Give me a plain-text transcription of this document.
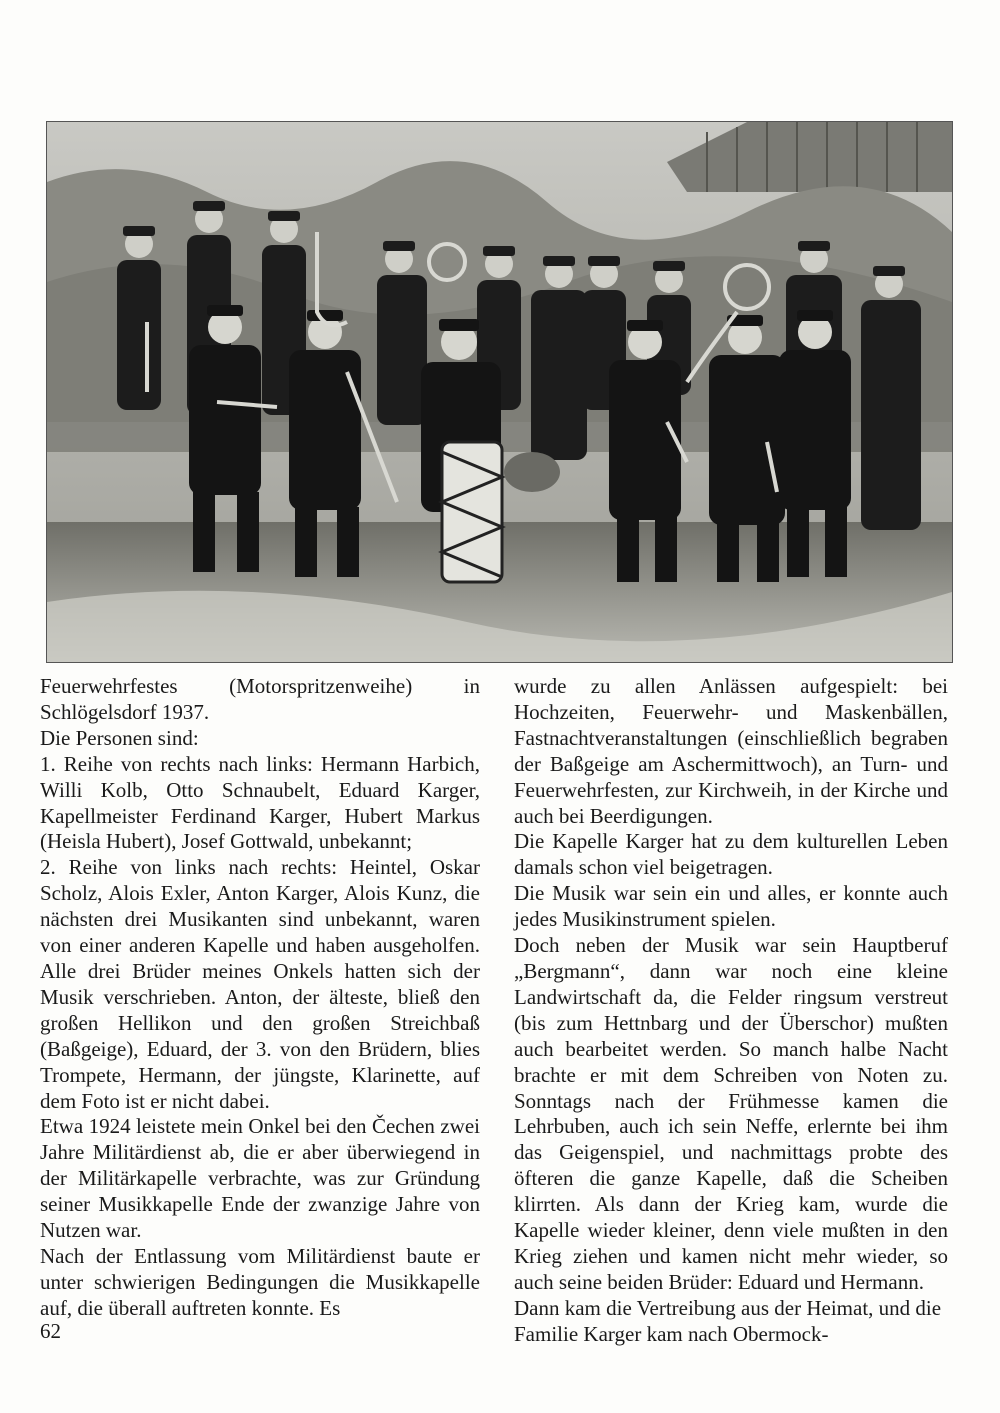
Feuerwehrfestes (Motorspritzenweihe) in Schlögelsdorf 1937.

Die Personen sind:

1. Reihe von rechts nach links: Hermann Harbich, Willi Kolb, Otto Schnaubelt, Eduard Karger, Kapellmeister Ferdinand Karger, Hubert Markus (Heisla Hubert), Josef Gottwald, unbekannt;

2. Reihe von links nach rechts: Heintel, Oskar Scholz, Alois Exler, Anton Karger, Alois Kunz, die nächsten drei Musikanten sind unbekannt, waren von einer anderen Kapelle und haben ausgeholfen. Alle drei Brüder meines Onkels hatten sich der Musik verschrieben. Anton, der älteste, bließ den großen Hellikon und den großen Streichbaß (Baßgeige), Eduard, der 3. von den Brüdern, blies Trompete, Hermann, der jüngste, Klarinette, auf dem Foto ist er nicht dabei.

Etwa 1924 leistete mein Onkel bei den Čechen zwei Jahre Militärdienst ab, die er aber überwiegend in der Militärkapelle verbrachte, was zur Gründung seiner Musikkapelle Ende der zwanzige Jahre von Nutzen war.

Nach der Entlassung vom Militärdienst baute er unter schwierigen Bedingungen die Musikkapelle auf, die überall auftreten konnte. Es

wurde zu allen Anlässen aufgespielt: bei Hochzeiten, Feuerwehr- und Maskenbällen, Fastnachtveranstaltungen (einschließlich begraben der Baßgeige am Aschermittwoch), an Turn- und Feuerwehrfesten, zur Kirchweih, in der Kirche und auch bei Beerdigungen.

Die Kapelle Karger hat zu dem kulturellen Leben damals schon viel beigetragen.

Die Musik war sein ein und alles, er konnte auch jedes Musikinstrument spielen.

Doch neben der Musik war sein Hauptberuf „Bergmann“, dann war noch eine kleine Landwirtschaft da, die Felder ringsum verstreut (bis zum Hettnbarg und der Überschor) mußten auch bearbeitet werden. So manch halbe Nacht brachte er mit dem Schreiben von Noten zu. Sonntags nach der Frühmesse kamen die Lehrbuben, auch ich sein Neffe, erlernte bei ihm das Geigenspiel, und nachmittags probte des öfteren die ganze Kapelle, daß die Scheiben klirrten. Als dann der Krieg kam, wurde die Kapelle wieder kleiner, denn viele mußten in den Krieg ziehen und kamen nicht mehr wieder, so auch seine beiden Brüder: Eduard und Hermann.

Dann kam die Vertreibung aus der Heimat, und die Familie Karger kam nach Obermock-

62
